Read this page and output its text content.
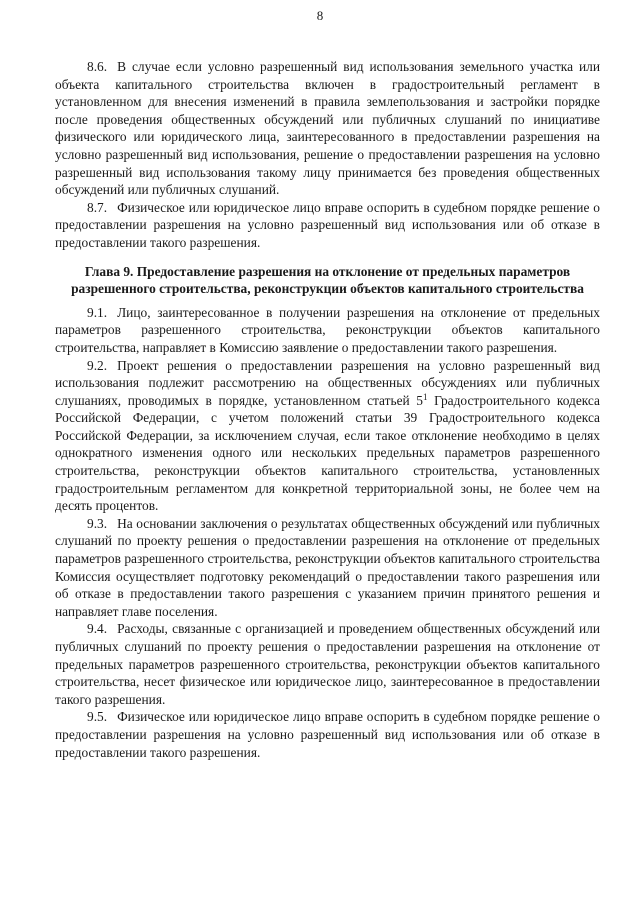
8

8.6. В случае если условно разрешенный вид использования земельного участка или объекта капитального строительства включен в градостроительный регламент в установленном для внесения изменений в правила землепользования и застройки порядке после проведения общественных обсуждений или публичных слушаний по инициативе физического или юридического лица, заинтересованного в предоставлении разрешения на условно разрешенный вид использования, решение о предоставлении разрешения на условно разрешенный вид использования такому лицу принимается без проведения общественных обсуждений или публичных слушаний.

8.7. Физическое или юридическое лицо вправе оспорить в судебном порядке решение о предоставлении разрешения на условно разрешенный вид использования или об отказе в предоставлении такого разрешения.

Глава 9. Предоставление разрешения на отклонение от предельных параметров разрешенного строительства, реконструкции объектов капитального строительства

9.1. Лицо, заинтересованное в получении разрешения на отклонение от предельных параметров разрешенного строительства, реконструкции объектов капитального строительства, направляет в Комиссию заявление о предоставлении такого разрешения.

9.2. Проект решения о предоставлении разрешения на условно разрешенный вид использования подлежит рассмотрению на общественных обсуждениях или публичных слушаниях, проводимых в порядке, установленном статьей $5^1$ Градостроительного кодекса Российской Федерации, с учетом положений статьи 39 Градостроительного кодекса Российской Федерации, за исключением случая, если такое отклонение необходимо в целях однократного изменения одного или нескольких предельных параметров разрешенного строительства, реконструкции объектов капитального строительства, установленных градостроительным регламентом для конкретной территориальной зоны, не более чем на десять процентов.

9.3. На основании заключения о результатах общественных обсуждений или публичных слушаний по проекту решения о предоставлении разрешения на отклонение от предельных параметров разрешенного строительства, реконструкции объектов капитального строительства Комиссия осуществляет подготовку рекомендаций о предоставлении такого разрешения или об отказе в предоставлении такого разрешения с указанием причин принятого решения и направляет главе поселения.

9.4. Расходы, связанные с организацией и проведением общественных обсуждений или публичных слушаний по проекту решения о предоставлении разрешения на отклонение от предельных параметров разрешенного строительства, реконструкции объектов капитального строительства, несет физическое или юридическое лицо, заинтересованное в предоставлении такого разрешения.

9.5. Физическое или юридическое лицо вправе оспорить в судебном порядке решение о предоставлении разрешения на условно разрешенный вид использования или об отказе в предоставлении такого разрешения.
